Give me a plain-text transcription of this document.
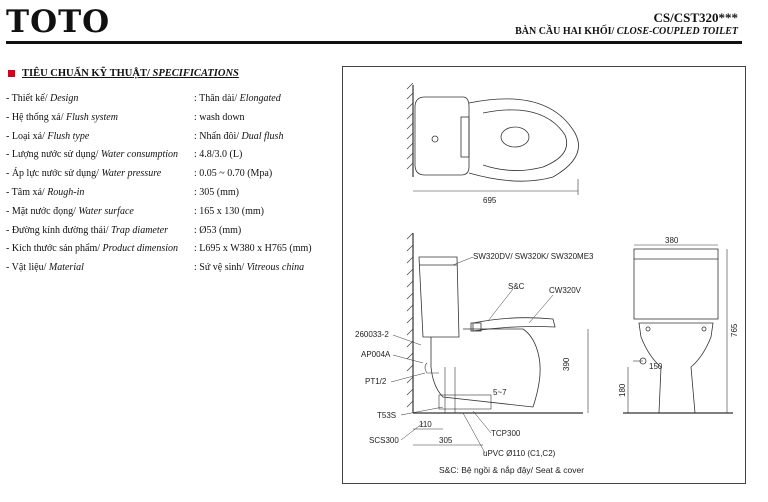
TOTO	CS/CST320***
BÀN CẦU HAI KHỐI/ CLOSE-COUPLED TOILET
TIÊU CHUẨN KỸ THUẬT/ SPECIFICATIONS
- Thiết kế/ Design	: Thân dài/ Elongated
- Hệ thống xả/ Flush system	: wash down
- Loại xả/ Flush type	: Nhấn đôi/ Dual flush
- Lượng nước sử dụng/ Water consumption : 4.8/3.0 (L)
- Áp lực nước sử dụng/ Water pressure	: 0.05 ~ 0.70 (Mpa)
- Tâm xả/ Rough-in	: 305 (mm)
- Mặt nước đọng/ Water surface	: 165 x 130 (mm)
- Đường kính đường thải/ Trap diameter	: Ø53 (mm)
- Kích thước sản phẩm/ Product dimension : L695 x W380 x H765 (mm)
- Vật liệu/ Material	: Sứ vệ sinh/ Vitreous china
695
390
5~7
110
305
SW320DV/ SW320K/ SW320ME3
S&C	CW320V
260033-2
AP004A
PT1/2
T53S
SCS300
TCP300
uPVC Ø110 (C1,C2)
380
180
150
765
S&C: Bệ ngồi & nắp đậy/ Seat & cover
